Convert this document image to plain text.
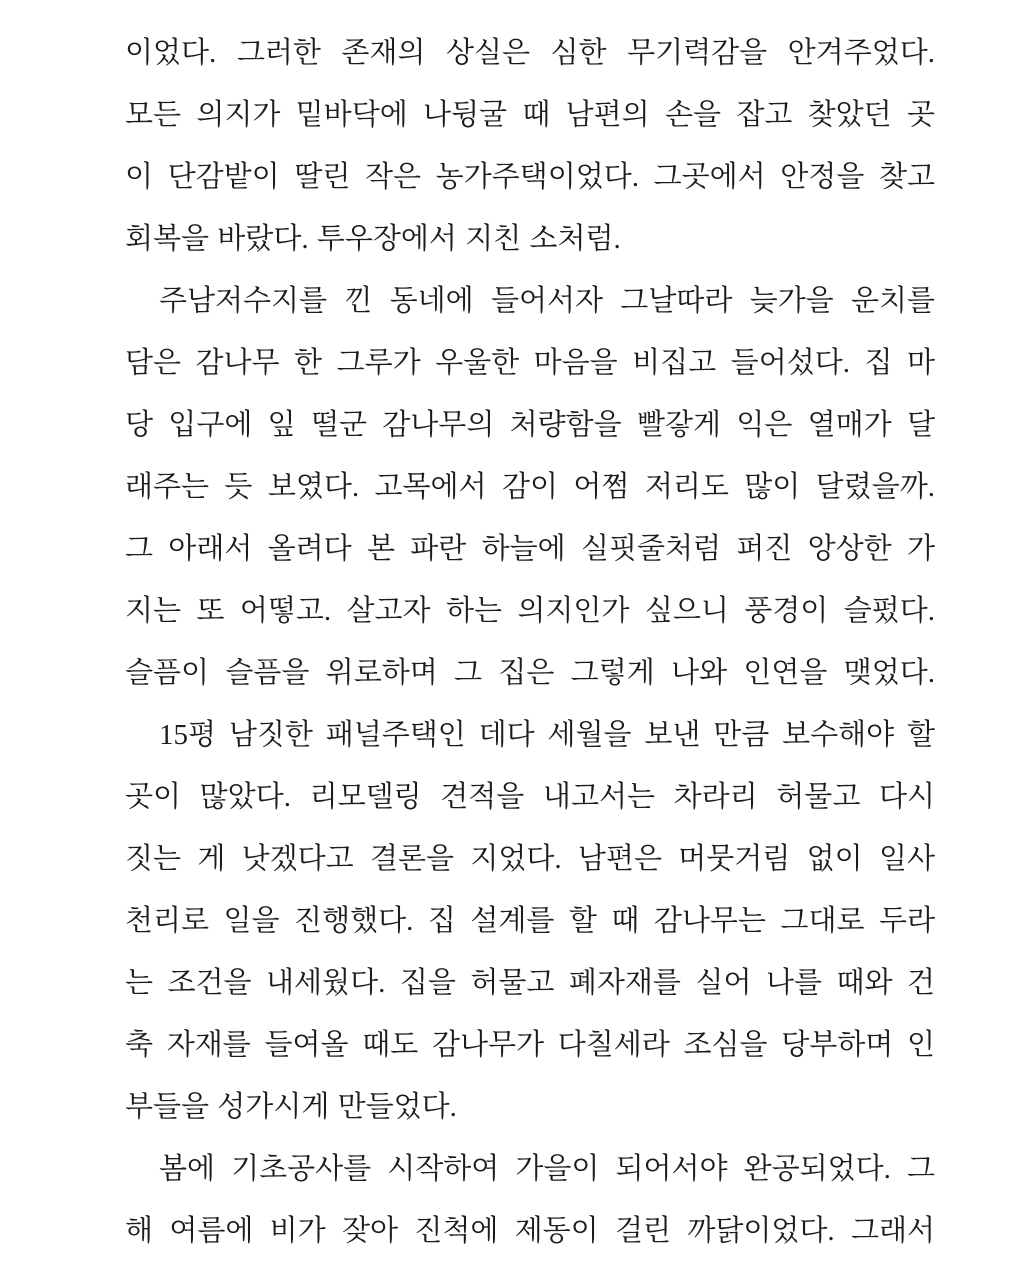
이었다. 그러한 존재의 상실은 심한 무기력감을 안겨주었다.
모든 의지가 밑바닥에 나뒹굴 때 남편의 손을 잡고 찾았던 곳
이 단감밭이 딸린 작은 농가주택이었다. 그곳에서 안정을 찾고
회복을 바랐다. 투우장에서 지친 소처럼.
주남저수지를 낀 동네에 들어서자 그날따라 늦가을 운치를
담은 감나무 한 그루가 우울한 마음을 비집고 들어섰다. 집 마
당 입구에 잎 떨군 감나무의 처량함을 빨갛게 익은 열매가 달
래주는 듯 보였다. 고목에서 감이 어쩜 저리도 많이 달렸을까.
그 아래서 올려다 본 파란 하늘에 실핏줄처럼 퍼진 앙상한 가
지는 또 어떻고. 살고자 하는 의지인가 싶으니 풍경이 슬펐다.
슬픔이 슬픔을 위로하며 그 집은 그렇게 나와 인연을 맺었다.
15평 남짓한 패널주택인 데다 세월을 보낸 만큼 보수해야 할
곳이 많았다. 리모델링 견적을 내고서는 차라리 허물고 다시
짓는 게 낫겠다고 결론을 지었다. 남편은 머뭇거림 없이 일사
천리로 일을 진행했다. 집 설계를 할 때 감나무는 그대로 두라
는 조건을 내세웠다. 집을 허물고 폐자재를 실어 나를 때와 건
축 자재를 들여올 때도 감나무가 다칠세라 조심을 당부하며 인
부들을 성가시게 만들었다.
봄에 기초공사를 시작하여 가을이 되어서야 완공되었다. 그
해 여름에 비가 잦아 진척에 제동이 걸린 까닭이었다. 그래서
